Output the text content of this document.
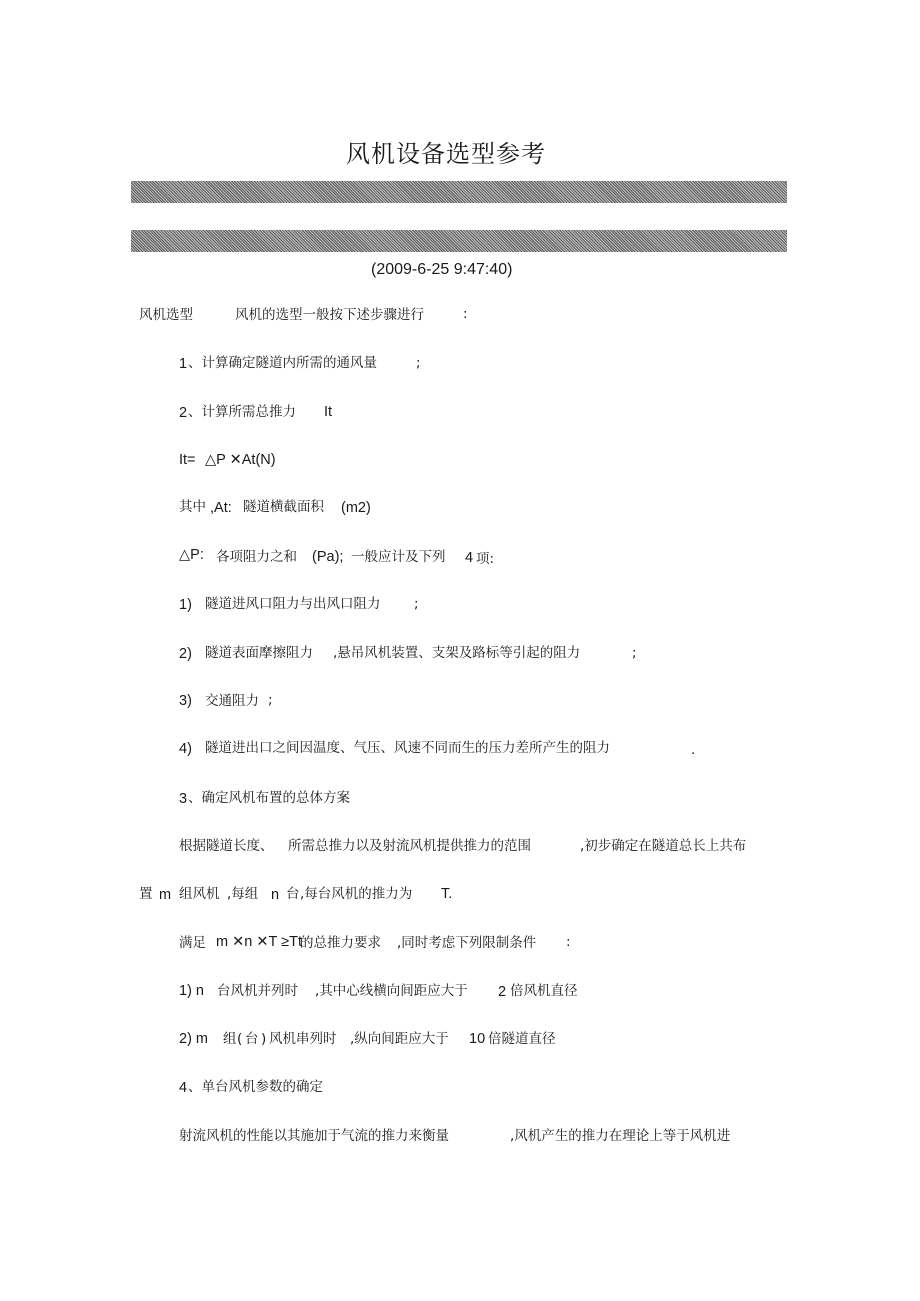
风机设备选型参考
(2009-6-25 9:47:40)
风机选型	风机的选型一般按下述步骤进行	:
1 、计算确定隧道内所需的通风量	;
2 、计算所需总推力 It
It= △P ✕At(N)
其中 ,At: 隧道横截面积 (m2)
△P: 各项阻力之和 (Pa); 一般应计及下列 4 项:
1) 隧道进风口阻力与出风口阻力 ;
2) 隧道表面摩擦阻力 ,悬吊风机装置、支架及路标等引起的阻力	;
3) 交通阻力 ;
4) 隧道进出口之间因温度、气压、风速不同而生的压力差所产生的阻力	.
3 、确定风机布置的总体方案
根据隧道长度、 所需总推力以及射流风机提供推力的范围	,初步确定在隧道总长上共布
置 m 组风机 ,每组 n 台 ,每台风机的推力为 T.
满足 m ✕n ✕T ≥Tt
的总推力要求 ,同时考虑下列限制条件 :
1) n 台风机并列时 ,其中心线横向间距应大于 2 倍风机直径
2) m 组 ( 台 ) 风机串列时 ,纵向间距应大于 10 倍隧道直径
4 、单台风机参数的确定
射流风机的性能以其施加于气流的推力来衡量	,风机产生的推力在理论上等于风机进
